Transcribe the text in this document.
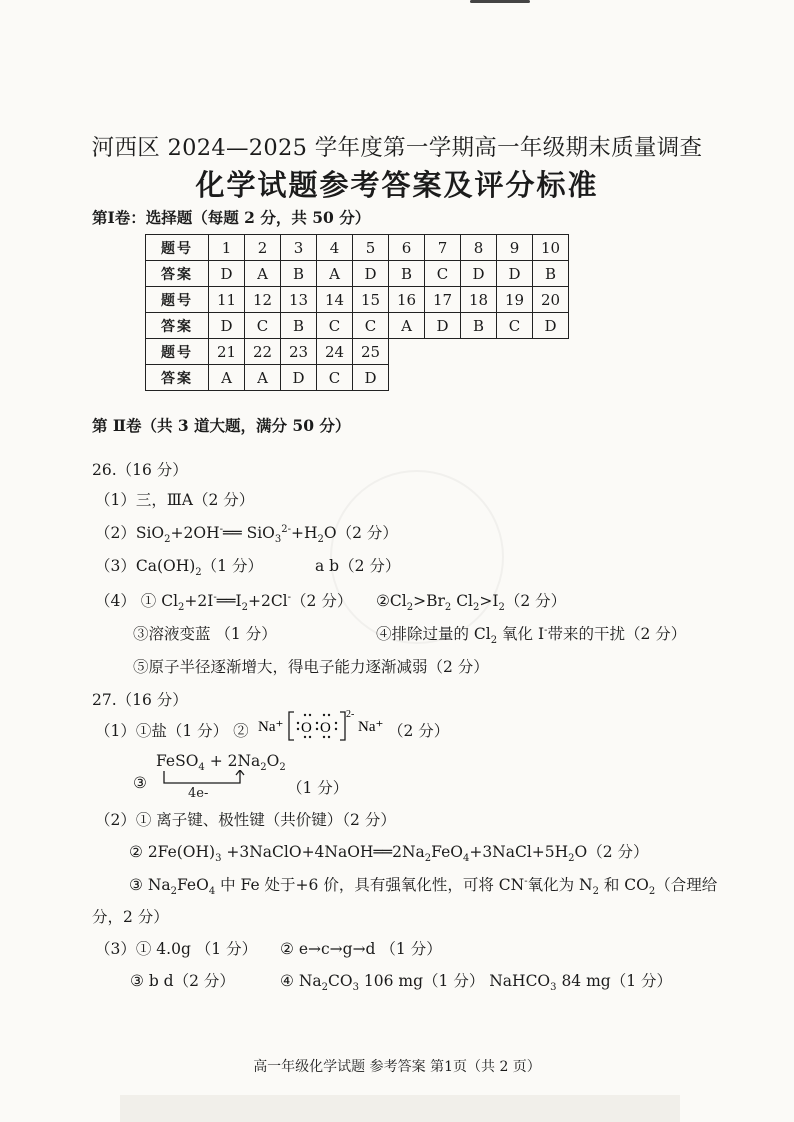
河西区 2024—2025 学年度第一学期高一年级期末质量调查
化学试题参考答案及评分标准
第Ⅰ卷：选择题（每题 2 分，共 50 分）
题号	1	2	3	4	5	6	7	8	9	10
答案	D	A	B	A	D	B	C	D	D	B
题号	11	12	13	14	15	16	17	18	19	20
答案	D	C	B	C	C	A	D	B	C	D
题号	21	22	23	24	25					
答案	A	A	D	C	D					
第 Ⅱ卷（共 3 道大题，满分 50 分）
26.（16 分）
（1）三，ⅢA（2 分）
（2）SiO$_2$+2OH-══ $SiO_3^{2-}+H_2O(2$ 分）
$(3)Ca(OH)_2(1$ 分）	a b（2 分）
（4） ① $Cl_2+2I^-══I_2+2Cl^-(2$ 分） $②Cl_2>Br_2$ $Cl_2>I_2(2$ 分）
③溶液变蓝 （1 分）	④排除过量的 $Cl_2$ 氧化 I-带来的干扰（2 分）
⑤原子半径逐渐增大，得电子能力逐渐减弱（2 分）
27.（16 分）
（1）①盐（1 分） ② Na⁺ O O
2-
Na⁺ （2 分）
③
FeSO$_4$ + $2Na_2O_2$
4e-	（1 分）
（2）① 离子键、极性键（共价键）（2 分）
② $2Fe(OH)_3$ $+3NaClO+4NaOH══2Na_2FeO_4+3NaCl+5H_2O(2$ 分）
③ $Na_2FeO_4$ 中 Fe 处于+6 价，具有强氧化性，可将 CN-氧化为 $N_2$ 和 $CO_2$（合理给
分，2 分）
（3）① 4.0g （1 分） ② e→c→g→d （1 分）
③ b d（2 分）	④ $Na_2CO_3$ 106 mg（1 分） NaHCO$_3$ 84 mg（1 分）
高一年级化学试题 参考答案 第1页（共 2 页）
